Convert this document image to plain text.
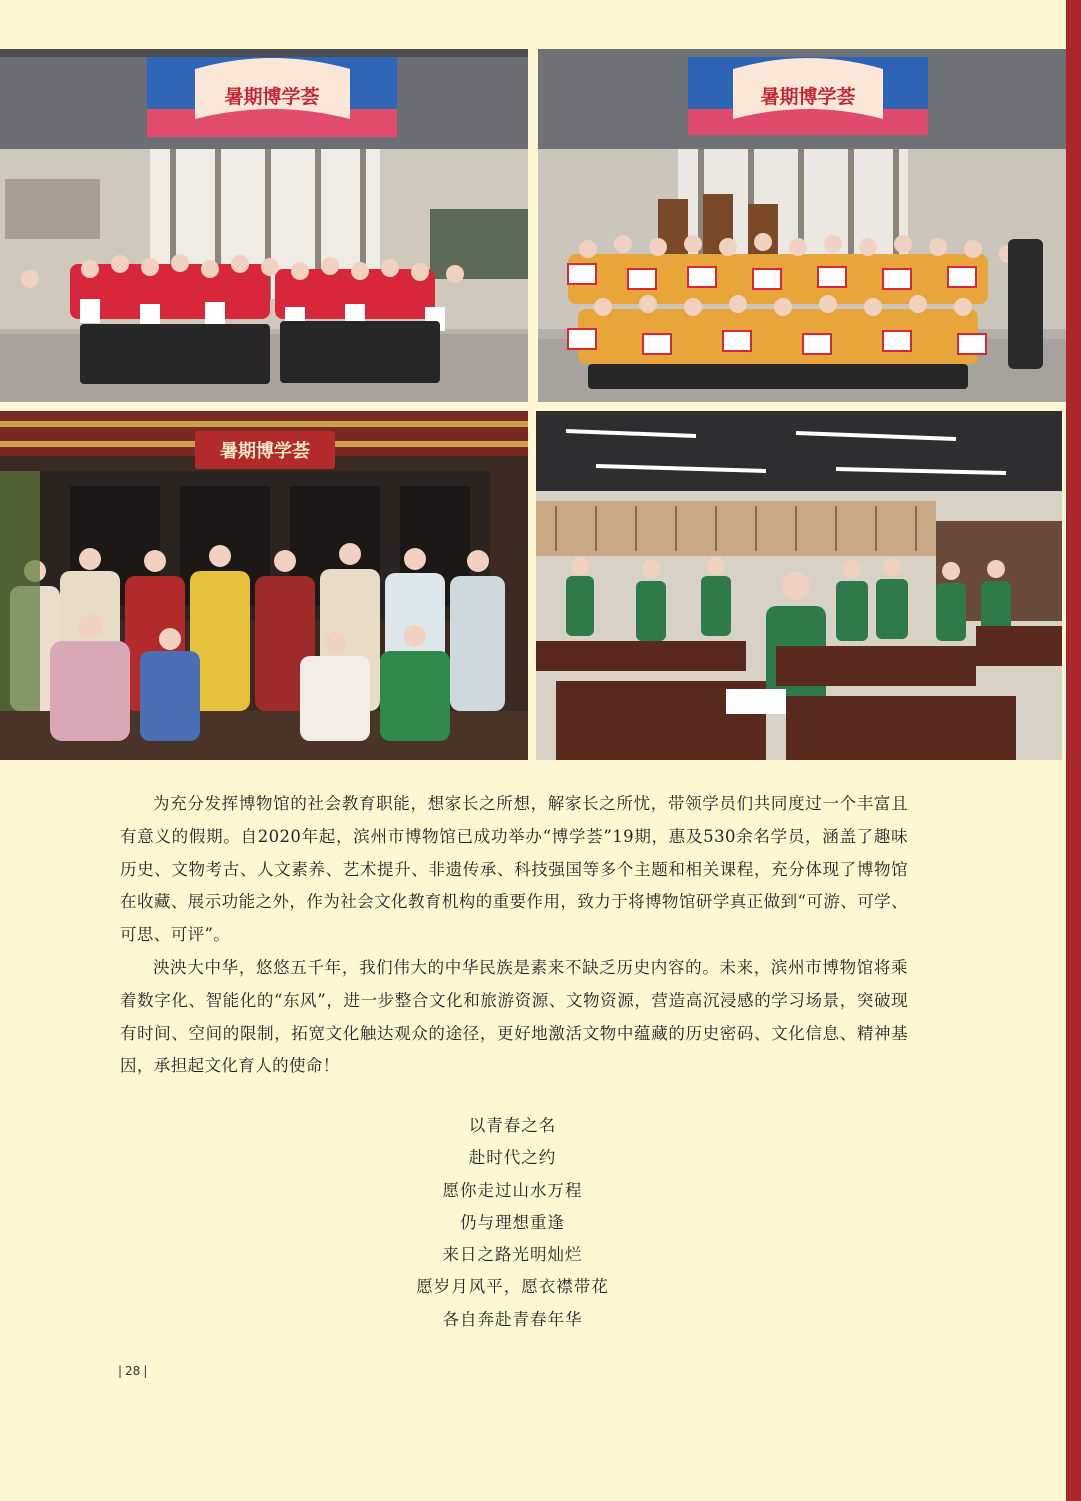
暑期博学荟	暑期博学荟
暑期博学荟

为充分发挥博物馆的社会教育职能，想家长之所想，解家长之所忧，带领学员们共同度过一个丰富且有意义的假期。自2020年起，滨州市博物馆已成功举办“博学荟”19期，惠及530余名学员，涵盖了趣味历史、文物考古、人文素养、艺术提升、非遗传承、科技强国等多个主题和相关课程，充分体现了博物馆在收藏、展示功能之外，作为社会文化教育机构的重要作用，致力于将博物馆研学真正做到“可游、可学、可思、可评”。

泱泱大中华，悠悠五千年，我们伟大的中华民族是素来不缺乏历史内容的。未来，滨州市博物馆将乘着数字化、智能化的“东风”，进一步整合文化和旅游资源、文物资源，营造高沉浸感的学习场景，突破现有时间、空间的限制，拓宽文化触达观众的途径，更好地激活文物中蕴藏的历史密码、文化信息、精神基因，承担起文化育人的使命！

以青春之名
赴时代之约
愿你走过山水万程
仍与理想重逢
来日之路光明灿烂
愿岁月风平，愿衣襟带花
各自奔赴青春年华
| 28 |
